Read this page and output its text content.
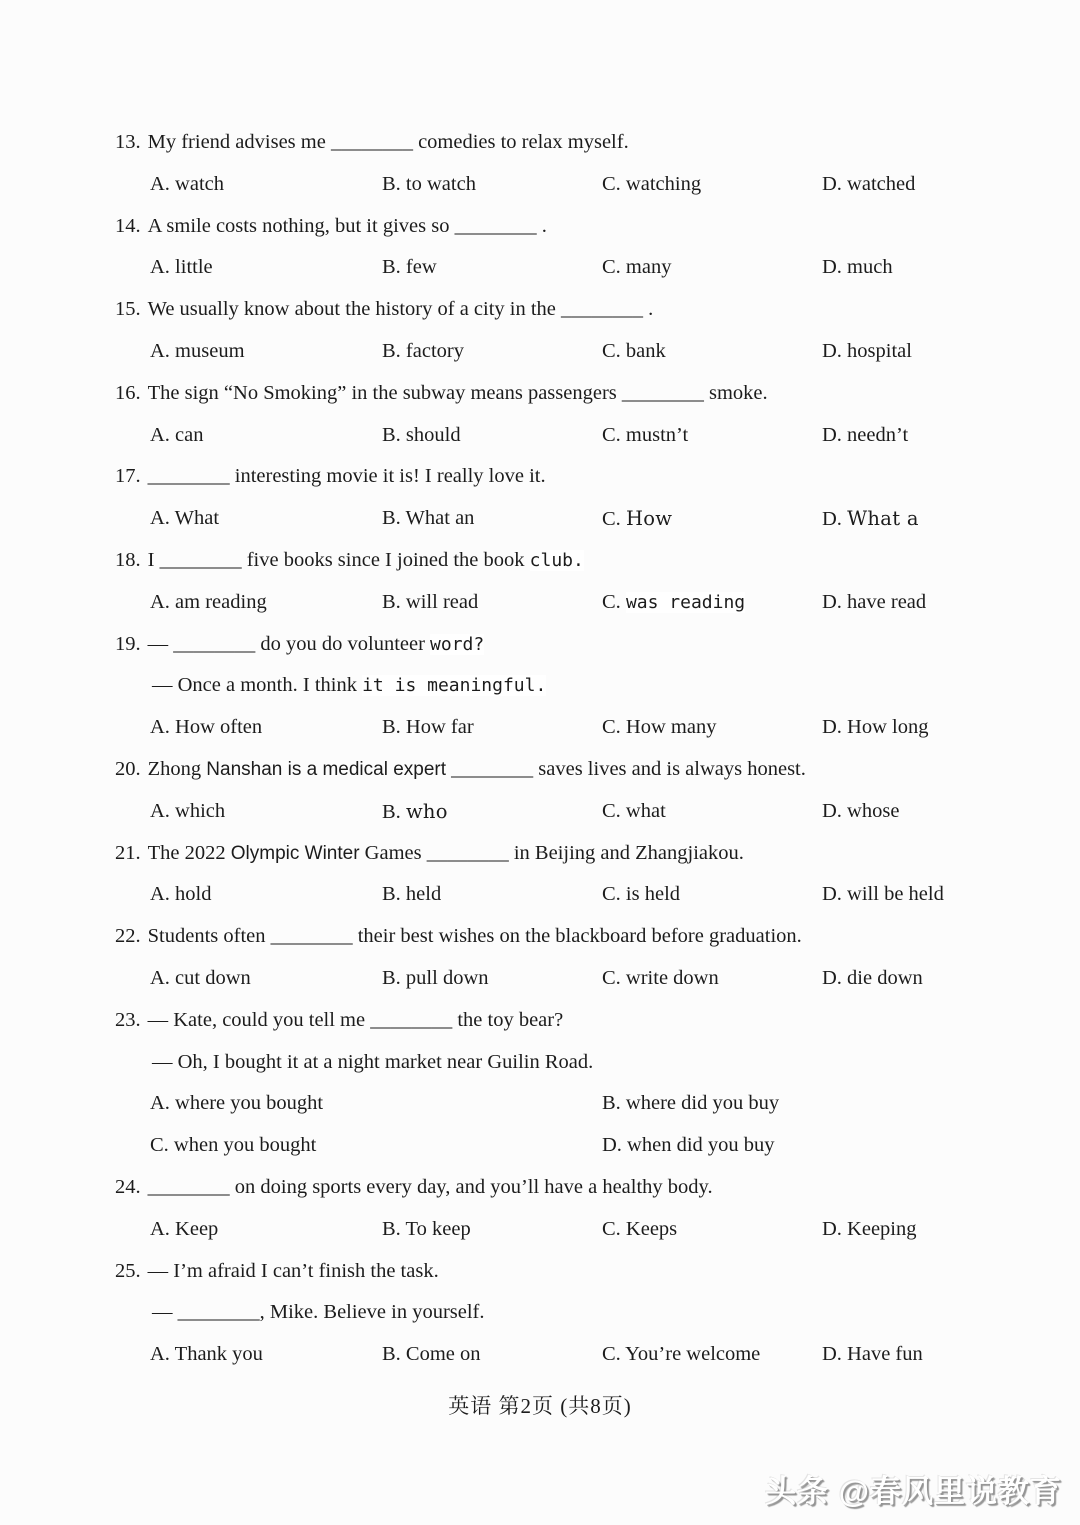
13. My friend advises me ________ comedies to relax myself.
A. watch	B. to watch	C. watching	D. watched
14. A smile costs nothing, but it gives so ________ .
A. little	B. few	C. many	D. much
15. We usually know about the history of a city in the ________ .
A. museum	B. factory	C. bank	D. hospital
16. The sign “No Smoking” in the subway means passengers ________ smoke.
A. can	B. should	C. mustn’t	D. needn’t
17. ________ interesting movie it is! I really love it.
A. What	B. What an	C. How	D. What a
18. I ________ five books since I joined the book club.
A. am reading	B. will read	C. was reading	D. have read
19. — ________ do you do volunteer word?
— Once a month. I think it is meaningful.
A. How often	B. How far	C. How many	D. How long
20. Zhong Nanshan is a medical expert ________ saves lives and is always honest.
A. which	B. who	C. what	D. whose
21. The 2022 Olympic Winter Games ________ in Beijing and Zhangjiakou.
A. hold	B. held	C. is held	D. will be held
22. Students often ________ their best wishes on the blackboard before graduation.
A. cut down	B. pull down	C. write down	D. die down
23. — Kate, could you tell me ________ the toy bear?
— Oh, I bought it at a night market near Guilin Road.
A. where you bought	B. where did you buy
C. when you bought	D. when did you buy
24. ________ on doing sports every day, and you’ll have a healthy body.
A. Keep	B. To keep	C. Keeps	D. Keeping
25. — I’m afraid I can’t finish the task.
— ________, Mike. Believe in yourself.
A. Thank you	B. Come on	C. You’re welcome	D. Have fun
英语 第2页 (共8页)
头条 @春风里说教育
